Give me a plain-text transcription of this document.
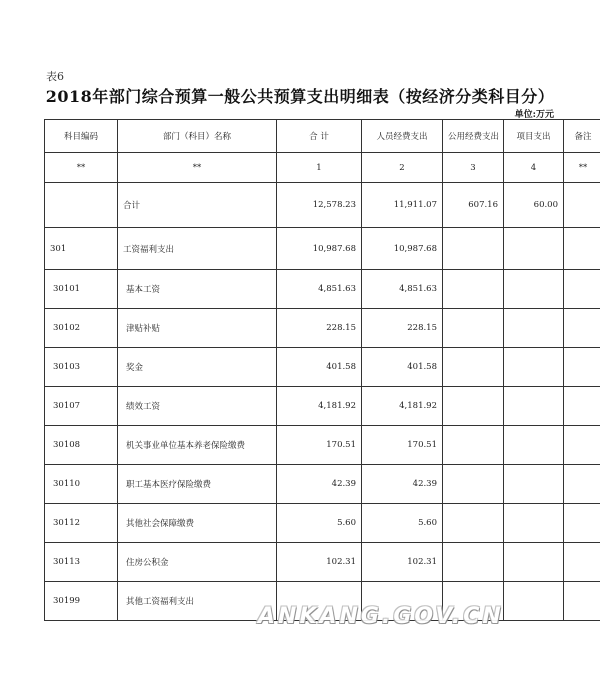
表6
2018年部门综合预算一般公共预算支出明细表（按经济分类科目分）
单位:万元
科目编码	部门（科目）名称	合 计	人员经费支出	公用经费支出	项目支出	备注
**	**	1	2	3	4	**
	合计	12,578.23	11,911.07	607.16	60.00	
301	工资福利支出	10,987.68	10,987.68			
30101	基本工资	4,851.63	4,851.63			
30102	津贴补贴	228.15	228.15			
30103	奖金	401.58	401.58			
30107	绩效工资	4,181.92	4,181.92			
30108	机关事业单位基本养老保险缴费	170.51	170.51			
30110	职工基本医疗保险缴费	42.39	42.39			
30112	其他社会保障缴费	5.60	5.60			
30113	住房公积金	102.31	102.31			
30199	其他工资福利支出					
ANKANG.GOV.CN
